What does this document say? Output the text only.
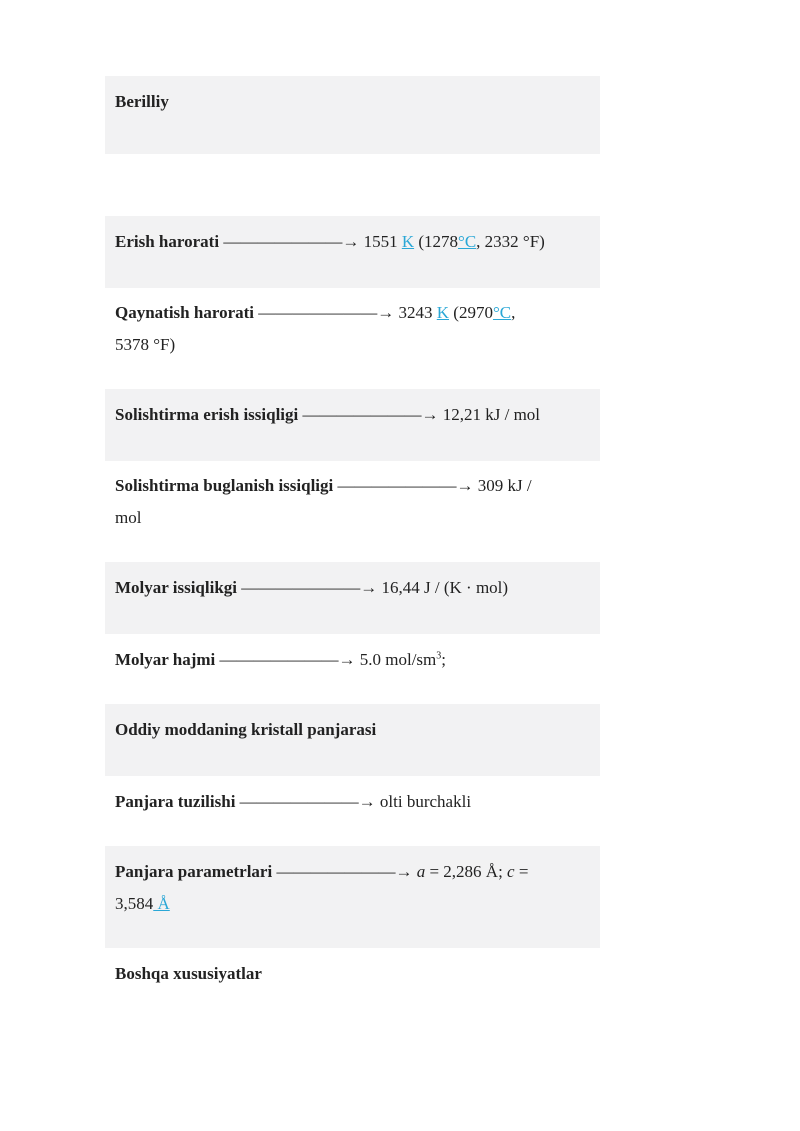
Berilliy
Erish harorati ———————→ 1551 K (1278°C, 2332 °F)
Qaynatish harorati ———————→ 3243 K (2970°C,
5378 °F)
Solishtirma erish issiqligi ———————→ 12,21 kJ / mol
Solishtirma buglanish issiqligi ———————→ 309 kJ /
mol
Molyar issiqlikgi ———————→ 16,44 J / (K · mol)
Molyar hajmi ———————→ 5.0 mol/$sm^3$;
Oddiy moddaning kristall panjarasi
Panjara tuzilishi ———————→ olti burchakli
Panjara parametrlari ———————→ a = 2,286 Å; c =
3,584 Å
Boshqa xususiyatlar
